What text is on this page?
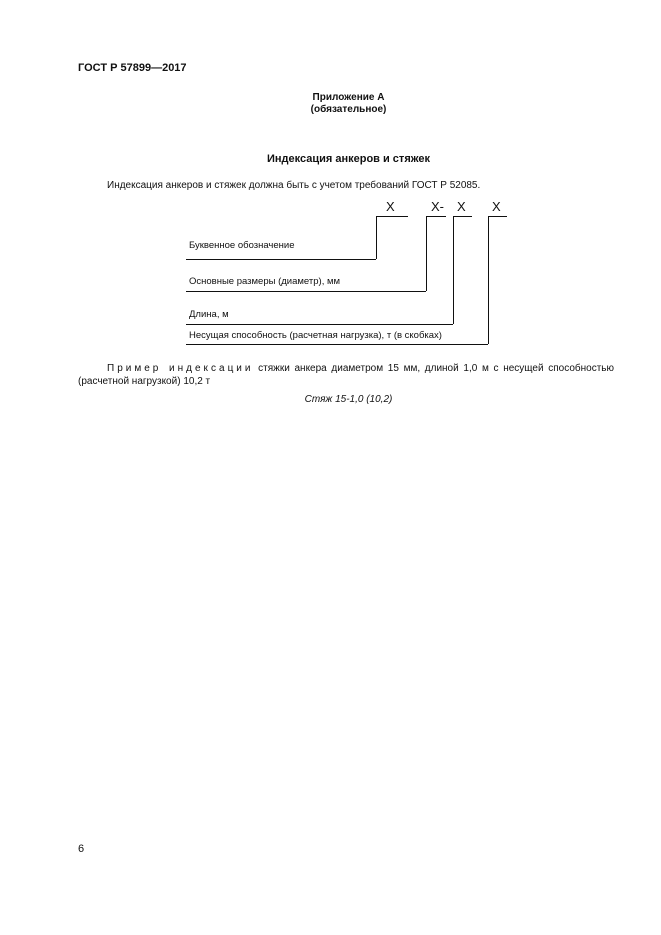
ГОСТ Р 57899—2017
Приложение А
(обязательное)
Индексация анкеров и стяжек
Индексация анкеров и стяжек должна быть с учетом требований ГОСТ Р 52085.
X	X- X X
Буквенное обозначение
Основные размеры (диаметр), мм
Длина, м
Несущая способность (расчетная нагрузка), т (в скобках)
Пример индексации стяжки анкера диаметром 15 мм, длиной 1,0 м с несущей способностью
(расчетной нагрузкой) 10,2 т
Стяж 15-1,0 (10,2)
6
